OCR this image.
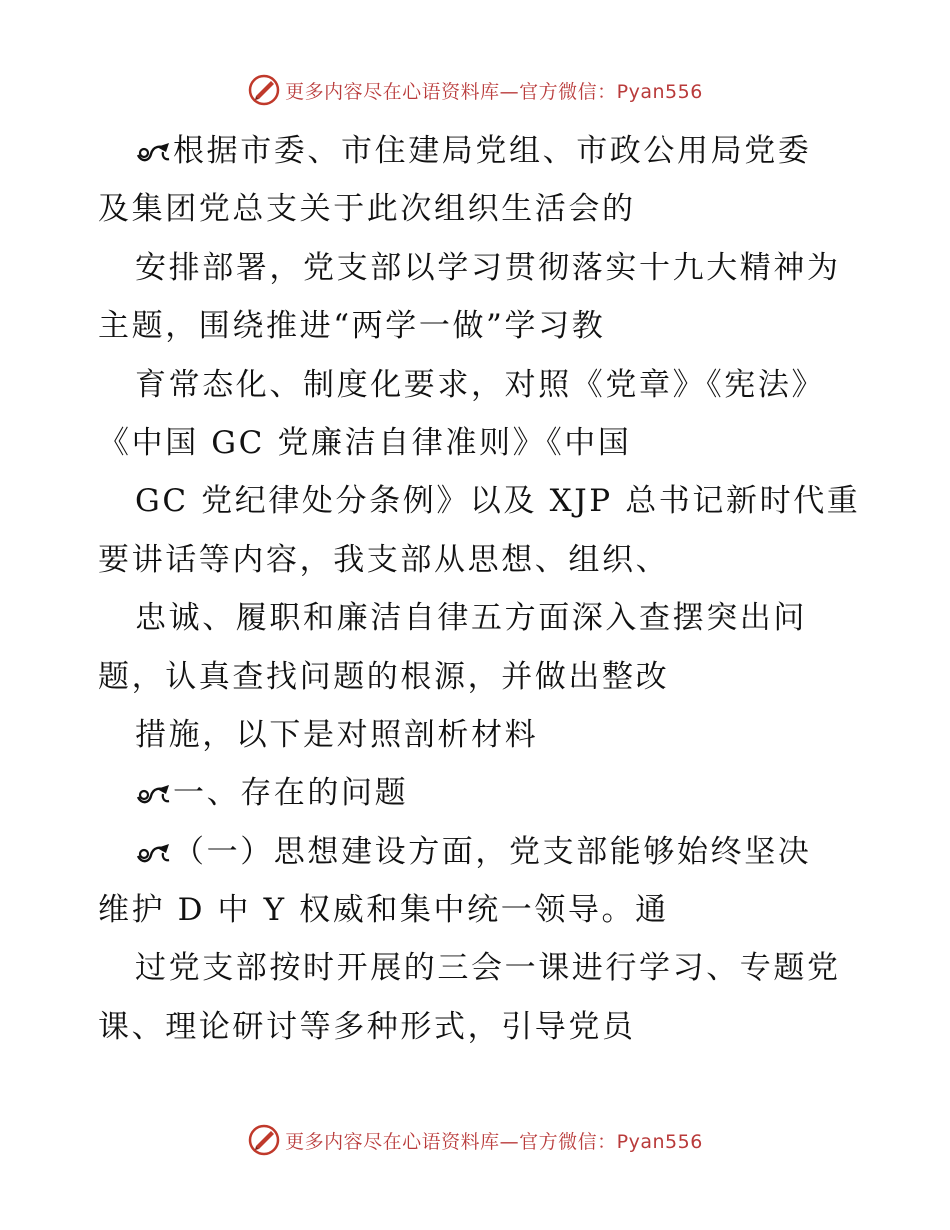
更多内容尽在心语资料库—官方微信：Pyan556
根据市委、市住建局党组、市政公用局党委
及集团党总支关于此次组织生活会的
安排部署，党支部以学习贯彻落实十九大精神为
主题，围绕推进“两学一做”学习教
育常态化、制度化要求，对照《党章》《宪法》
《中国 GC 党廉洁自律准则》《中国
GC 党纪律处分条例》以及 XJP 总书记新时代重
要讲话等内容，我支部从思想、组织、
忠诚、履职和廉洁自律五方面深入查摆突出问
题，认真查找问题的根源，并做出整改
措施，以下是对照剖析材料
一、存在的问题
（一）思想建设方面，党支部能够始终坚决
维护 D 中 Y 权威和集中统一领导。通
过党支部按时开展的三会一课进行学习、专题党
课、理论研讨等多种形式，引导党员
更多内容尽在心语资料库—官方微信：Pyan556
